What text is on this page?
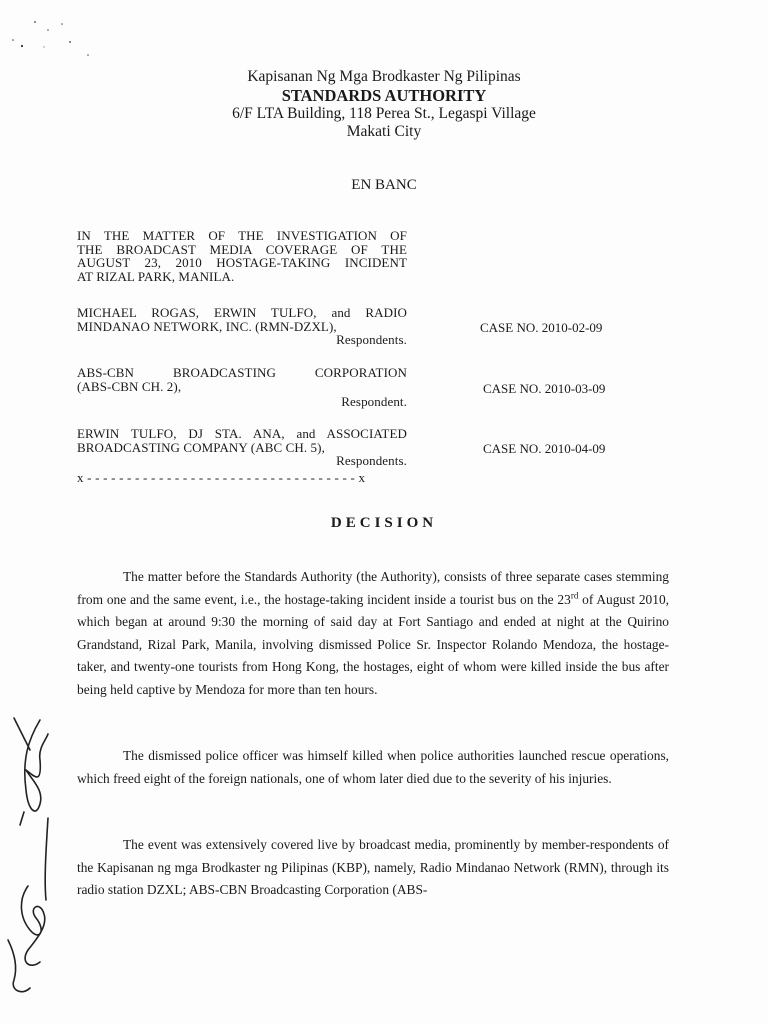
Kapisanan Ng Mga Brodkaster Ng Pilipinas
STANDARDS AUTHORITY
6/F LTA Building, 118 Perea St., Legaspi Village
Makati City
EN BANC
IN THE MATTER OF THE INVESTIGATION OF
THE BROADCAST MEDIA COVERAGE OF THE
AUGUST 23, 2010 HOSTAGE-TAKING INCIDENT
AT RIZAL PARK, MANILA.
MICHAEL ROGAS, ERWIN TULFO, and RADIO
MINDANAO NETWORK, INC. (RMN-DZXL),
Respondents.
CASE NO. 2010-02-09
ABS-CBN BROADCASTING CORPORATION
(ABS-CBN CH. 2),
Respondent.
CASE NO. 2010-03-09
ERWIN TULFO, DJ STA. ANA, and ASSOCIATED
BROADCASTING COMPANY (ABC CH. 5),
Respondents.
CASE NO. 2010-04-09
x - - - - - - - - - - - - - - - - - - - - - - - - - - - - - - - - - - x
DECISION
The matter before the Standards Authority (the Authority), consists of three separate cases stemming from one and the same event, i.e., the hostage-taking incident inside a tourist bus on the 23rd of August 2010, which began at around 9:30 the morning of said day at Fort Santiago and ended at night at the Quirino Grandstand, Rizal Park, Manila, involving dismissed Police Sr. Inspector Rolando Mendoza, the hostage-taker, and twenty-one tourists from Hong Kong, the hostages, eight of whom were killed inside the bus after being held captive by Mendoza for more than ten hours.
The dismissed police officer was himself killed when police authorities launched rescue operations, which freed eight of the foreign nationals, one of whom later died due to the severity of his injuries.
The event was extensively covered live by broadcast media, prominently by member-respondents of the Kapisanan ng mga Brodkaster ng Pilipinas (KBP), namely, Radio Mindanao Network (RMN), through its radio station DZXL; ABS-CBN Broadcasting Corporation (ABS-
